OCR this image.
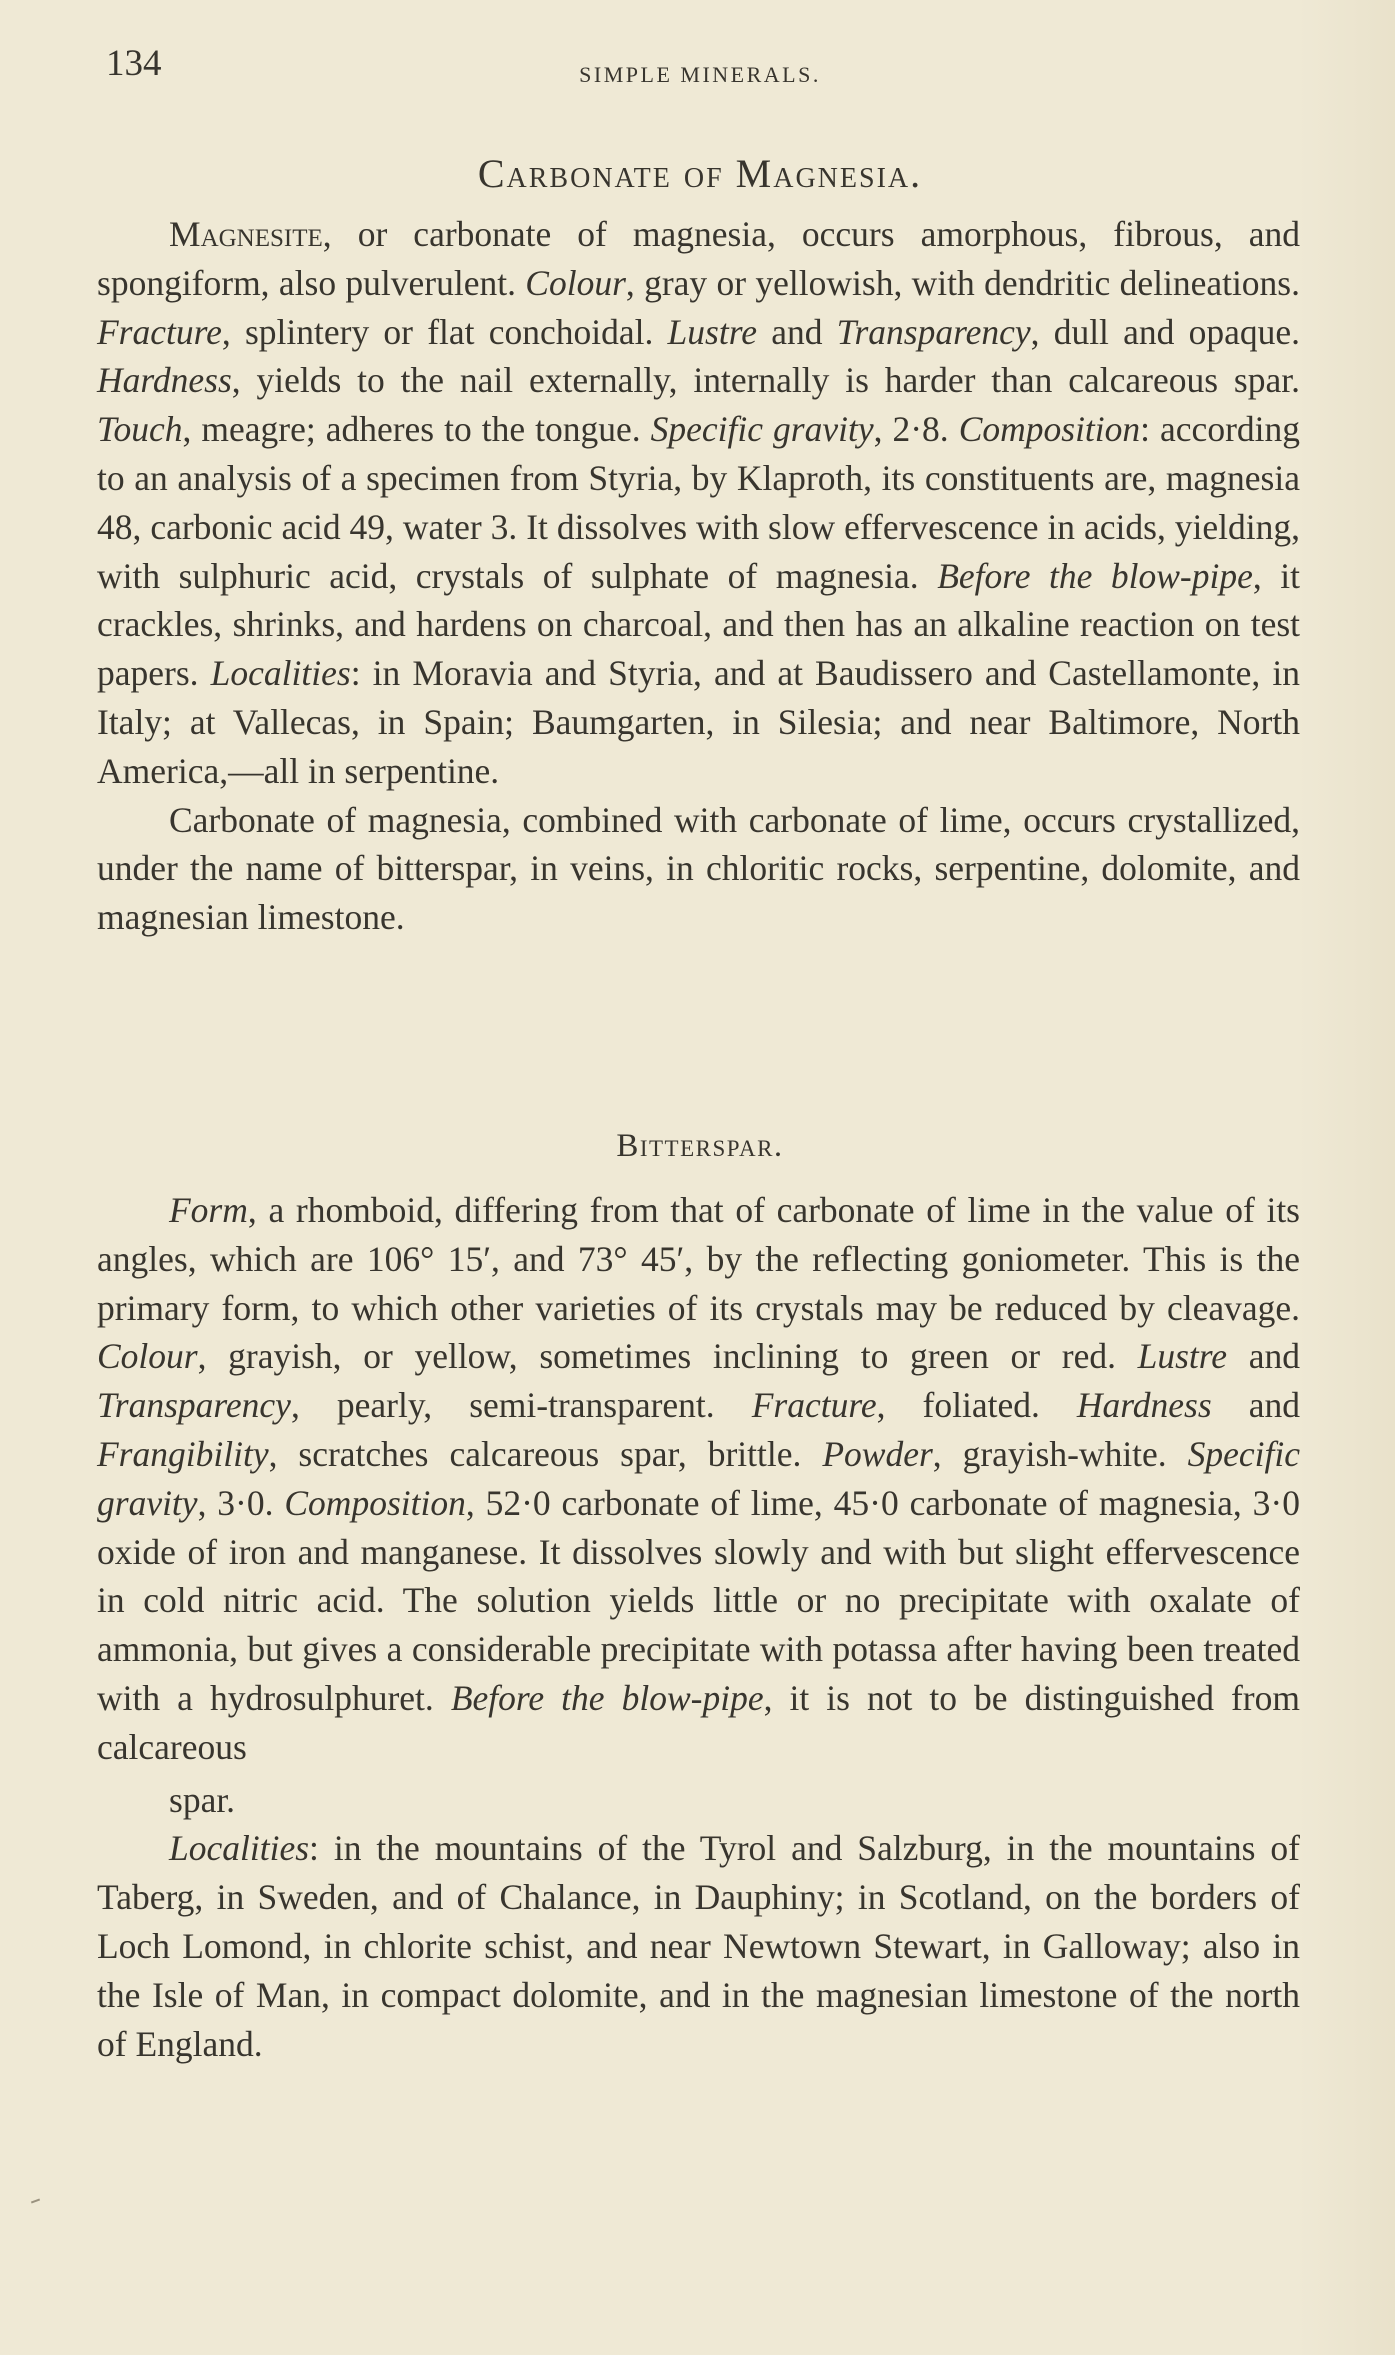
134	SIMPLE MINERALS.
Carbonate of Magnesia.

Magnesite, or carbonate of magnesia, occurs amorphous, fibrous, and spongiform, also pulverulent. Colour, gray or yellowish, with dendritic delineations. Fracture, splintery or flat conchoidal. Lustre and Transparency, dull and opaque. Hardness, yields to the nail externally, internally is harder than calcareous spar. Touch, meagre; adheres to the tongue. Specific gravity, 2·8. Composition: according to an analysis of a specimen from Styria, by Klaproth, its constituents are, magnesia 48, carbonic acid 49, water 3. It dissolves with slow effervescence in acids, yielding, with sulphuric acid, crystals of sulphate of magnesia. Before the blow-pipe, it crackles, shrinks, and hardens on charcoal, and then has an alkaline reaction on test papers. Localities: in Moravia and Styria, and at Baudissero and Castellamonte, in Italy; at Vallecas, in Spain; Baumgarten, in Silesia; and near Baltimore, North America,—all in serpentine.

Carbonate of magnesia, combined with carbonate of lime, occurs crystallized, under the name of bitterspar, in veins, in chloritic rocks, serpentine, dolomite, and magnesian limestone.

Bitterspar.

Form, a rhomboid, differing from that of carbonate of lime in the value of its angles, which are 106° 15′, and 73° 45′, by the reflecting goniometer. This is the primary form, to which other varieties of its crystals may be reduced by cleavage. Colour, grayish, or yellow, sometimes inclining to green or red. Lustre and Transparency, pearly, semi-transparent. Fracture, foliated. Hardness and Frangibility, scratches calcareous spar, brittle. Powder, grayish-white. Specific gravity, 3·0. Composition, 52·0 carbonate of lime, 45·0 carbonate of magnesia, 3·0 oxide of iron and manganese. It dissolves slowly and with but slight effervescence in cold nitric acid. The solution yields little or no precipitate with oxalate of ammonia, but gives a considerable precipitate with potassa after having been treated with a hydrosulphuret. Before the blow-pipe, it is not to be distinguished from calcareous
spar.

Localities: in the mountains of the Tyrol and Salzburg, in the mountains of Taberg, in Sweden, and of Chalance, in Dauphiny; in Scotland, on the borders of Loch Lomond, in chlorite schist, and near Newtown Stewart, in Galloway; also in the Isle of Man, in compact dolomite, and in the magnesian limestone of the north of England.
